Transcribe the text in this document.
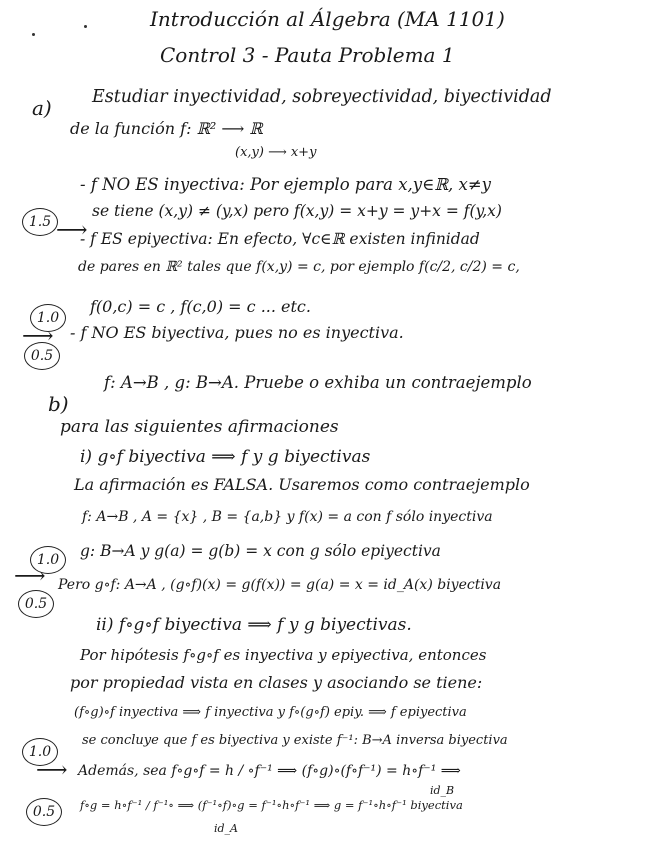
Introducción al Álgebra (MA 1101)
Control 3 - Pauta Problema 1
a) Estudiar inyectividad, sobreyectividad, biyectividad
de la función f: ℝ² ⟶ ℝ
(x,y) ⟶ x+y
- f NO ES inyectiva: Por ejemplo para x,y∈ℝ, x≠y
1.5 ⟶
se tiene (x,y) ≠ (y,x) pero f(x,y) = x+y = y+x = f(y,x)
- f ES epiyectiva: En efecto, ∀c∈ℝ existen infinidad
de pares en ℝ² tales que f(x,y) = c, por ejemplo f(c/2, c/2) = c,
1.0
⟶
f(0,c) = c , f(c,0) = c ... etc.
0.5
- f NO ES biyectiva, pues no es inyectiva.
b)
f: A→B , g: B→A. Pruebe o exhiba un contraejemplo
para las siguientes afirmaciones
i) g∘f biyectiva ⟹ f y g biyectivas
La afirmación es FALSA. Usaremos como contraejemplo
f: A→B , A = {x} , B = {a,b} y f(x) = a con f sólo inyectiva
1.0
⟶
g: B→A y g(a) = g(b) = x con g sólo epiyectiva
0.5
Pero g∘f: A→A , (g∘f)(x) = g(f(x)) = g(a) = x = id_A(x) biyectiva
ii) f∘g∘f biyectiva ⟹ f y g biyectivas.
Por hipótesis f∘g∘f es inyectiva y epiyectiva, entonces
por propiedad vista en clases y asociando se tiene:
(f∘g)∘f inyectiva ⟹ f inyectiva y f∘(g∘f) epiy. ⟹ f epiyectiva
1.0
⟶
se concluye que f es biyectiva y existe f⁻¹: B→A inversa biyectiva
Además, sea f∘g∘f = h / ∘f⁻¹ ⟹ (f∘g)∘(f∘f⁻¹) = h∘f⁻¹ ⟹
id_B
0.5	f∘g = h∘f⁻¹ / f⁻¹∘ ⟹ (f⁻¹∘f)∘g = f⁻¹∘h∘f⁻¹ ⟹ g = f⁻¹∘h∘f⁻¹ biyectiva
id_A
